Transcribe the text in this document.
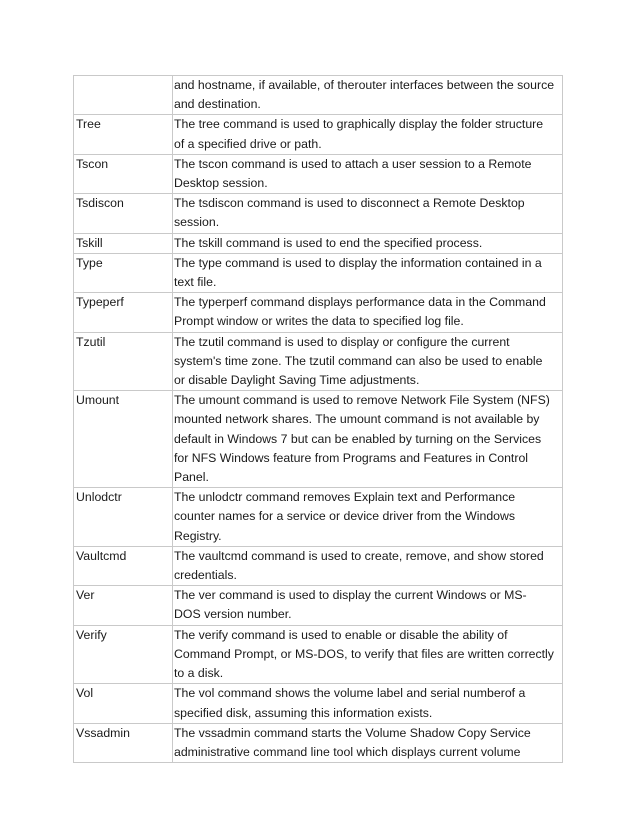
	and hostname, if available, of therouter interfaces between the source
and destination.

Tree	The tree command is used to graphically display the folder structure
of a specified drive or path.

Tscon	The tscon command is used to attach a user session to a Remote
Desktop session.

Tsdiscon	The tsdiscon command is used to disconnect a Remote Desktop
session.

Tskill	The tskill command is used to end the specified process.

Type	The type command is used to display the information contained in a
text file.

Typeperf	The typerperf command displays performance data in the Command
Prompt window or writes the data to specified log file.

Tzutil	The tzutil command is used to display or configure the current
system's time zone. The tzutil command can also be used to enable
or disable Daylight Saving Time adjustments.

Umount	The umount command is used to remove Network File System (NFS)
mounted network shares. The umount command is not available by
default in Windows 7 but can be enabled by turning on the Services
for NFS Windows feature from Programs and Features in Control
Panel.

Unlodctr	The unlodctr command removes Explain text and Performance
counter names for a service or device driver from the Windows
Registry.

Vaultcmd	The vaultcmd command is used to create, remove, and show stored
credentials.

Ver	The ver command is used to display the current Windows or MS-
DOS version number.

Verify	The verify command is used to enable or disable the ability of
Command Prompt, or MS-DOS, to verify that files are written correctly
to a disk.

Vol	The vol command shows the volume label and serial numberof a
specified disk, assuming this information exists.

Vssadmin	The vssadmin command starts the Volume Shadow Copy Service
administrative command line tool which displays current volume
